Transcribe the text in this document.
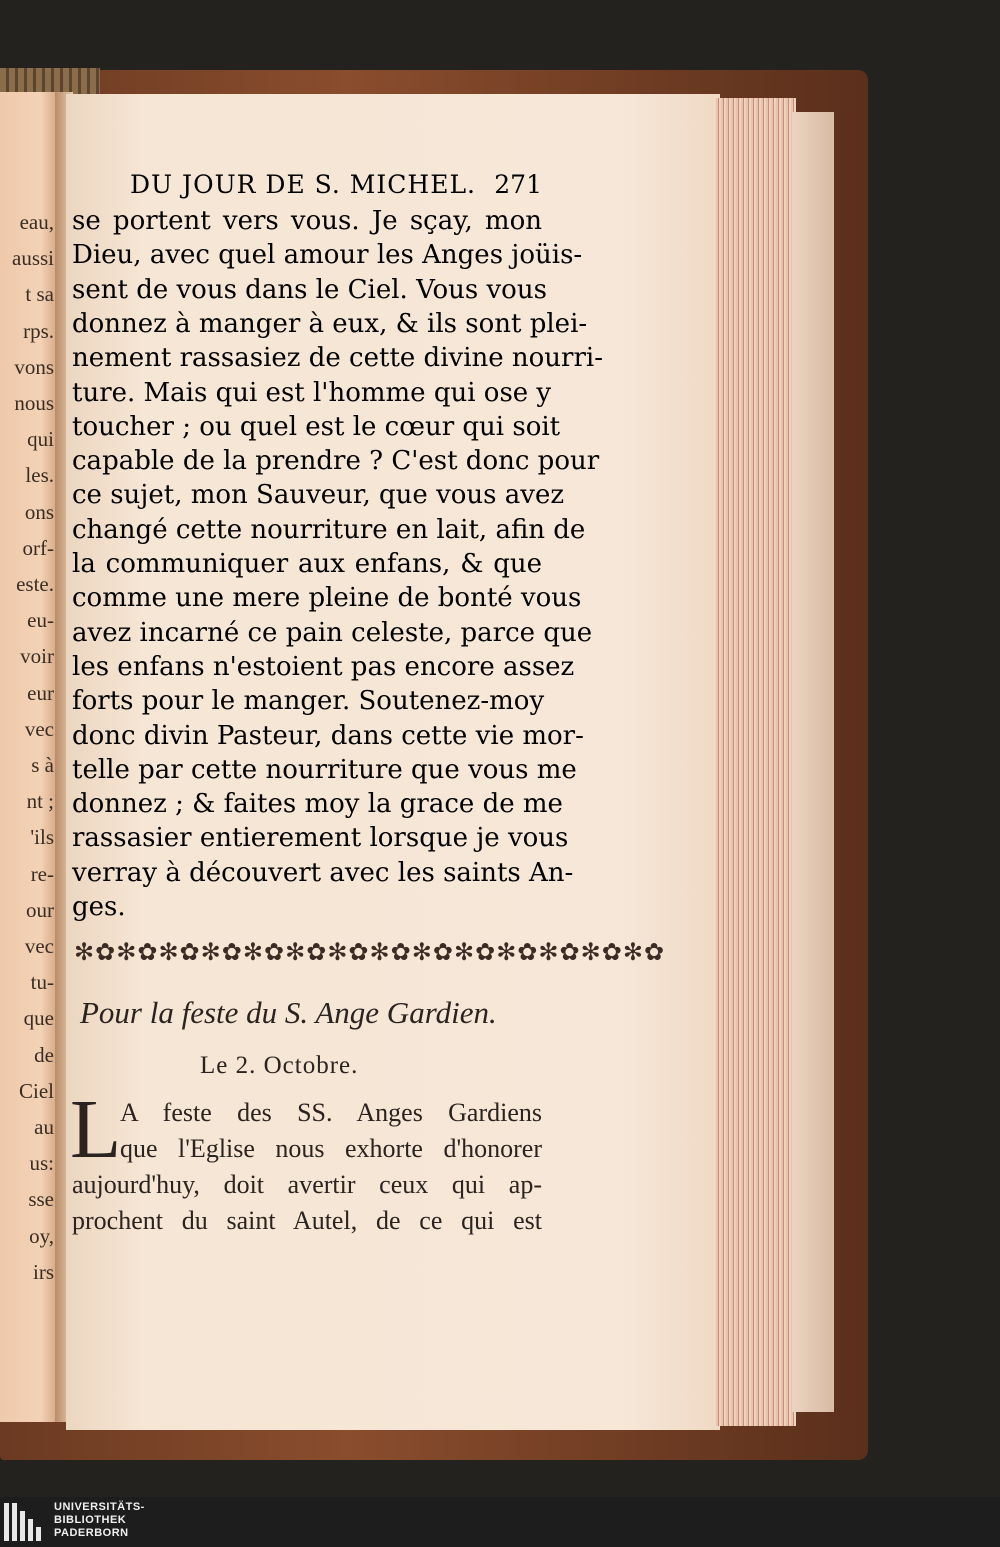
eau,
aussi
t sa
rps.
vons
nous
qui
les.
ons
orf-
este.
eu-
voir
eur
vec
s à
nt ;
'ils
re-
our
vec
tu-
que
de
Ciel
au
us:
sse
oy,
irs
DU JOUR DE S. MICHEL. 271
se portent vers vous. Je sçay, mon
Dieu, avec quel amour les Anges joüis-
sent de vous dans le Ciel. Vous vous
donnez à manger à eux, & ils sont plei-
nement rassasiez de cette divine nourri-
ture. Mais qui est l'homme qui ose y
toucher ; ou quel est le cœur qui soit
capable de la prendre ? C'est donc pour
ce sujet, mon Sauveur, que vous avez
changé cette nourriture en lait, afin de
la communiquer aux enfans, & que
comme une mere pleine de bonté vous
avez incarné ce pain celeste, parce que
les enfans n'estoient pas encore assez
forts pour le manger. Soutenez-moy
donc divin Pasteur, dans cette vie mor-
telle par cette nourriture que vous me
donnez ; & faites moy la grace de me
rassasier entierement lorsque je vous
verray à découvert avec les saints An-
ges.
✻✿✻✿✻✿✻✿✻✿✻✿✻✿✻✿✻✿✻✿✻✿✻✿✻✿✻✿
Pour la feste du S. Ange Gardien.
Le 2. Octobre.
L
A feste des SS. Anges Gardiens
que l'Eglise nous exhorte d'honorer
aujourd'huy, doit avertir ceux qui ap-
prochent du saint Autel, de ce qui est
UNIVERSITÄTS-
BIBLIOTHEK
PADERBORN
